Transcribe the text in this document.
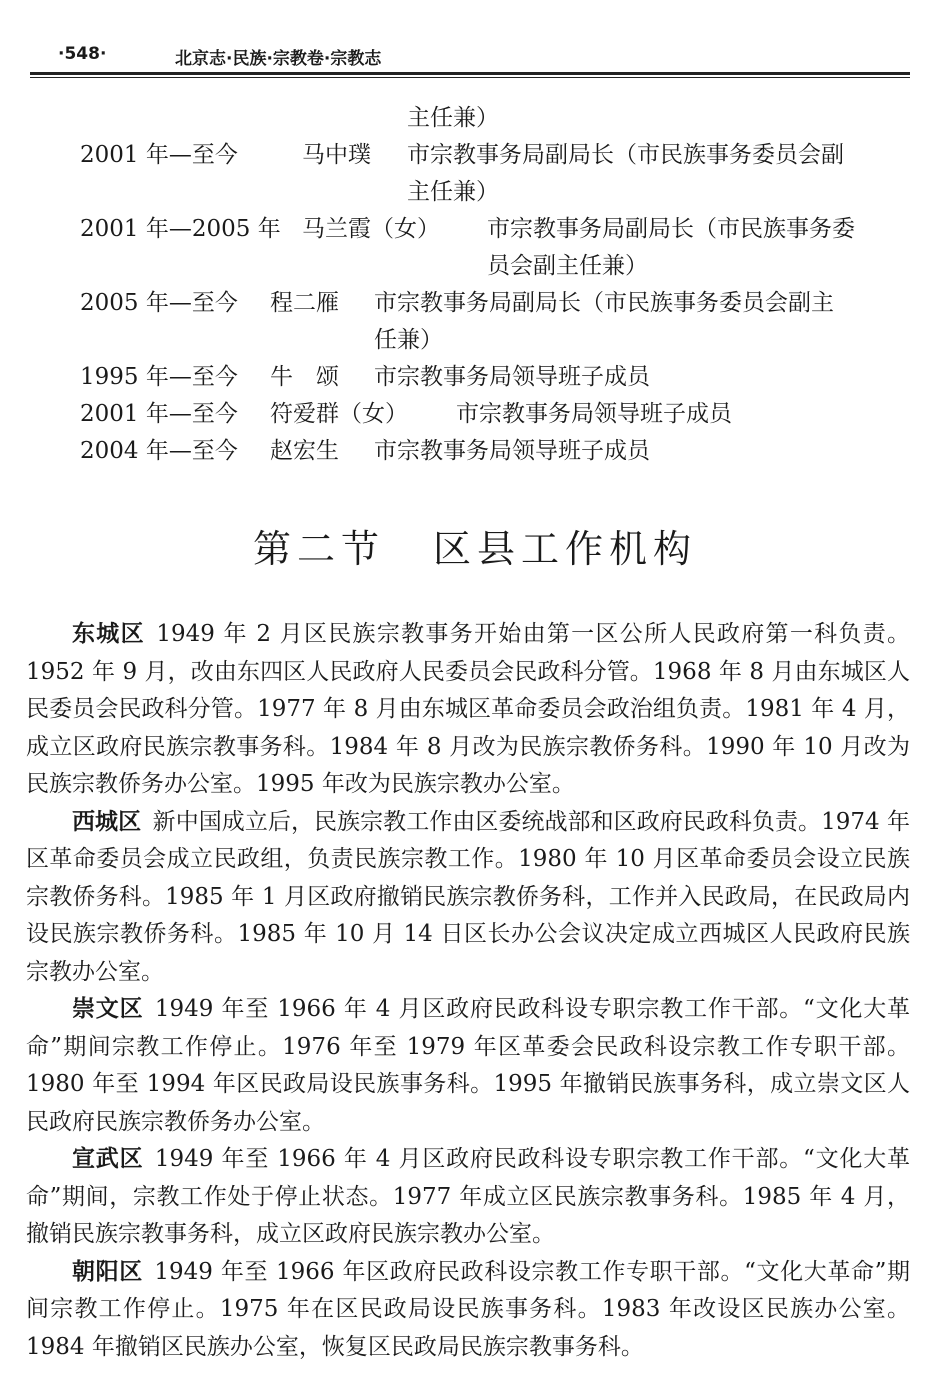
·548·	北京志·民族·宗教卷·宗教志
主任兼）
2001 年—至今	马中璞 市宗教事务局副局长（市民族事务委员会副
主任兼）
2001 年—2005 年 马兰霞（女） 市宗教事务局副局长（市民族事务委
员会副主任兼）
2005 年—至今 程二雁 市宗教事务局副局长（市民族事务委员会副主
任兼）
1995 年—至今 牛　颂 市宗教事务局领导班子成员
2001 年—至今 符爱群（女） 市宗教事务局领导班子成员
2004 年—至今 赵宏生 市宗教事务局领导班子成员
第二节 区县工作机构

东城区 1949 年 2 月区民族宗教事务开始由第一区公所人民政府第一科负责。1952 年 9 月，改由东四区人民政府人民委员会民政科分管。1968 年 8 月由东城区人民委员会民政科分管。1977 年 8 月由东城区革命委员会政治组负责。1981 年 4 月，成立区政府民族宗教事务科。1984 年 8 月改为民族宗教侨务科。1990 年 10 月改为民族宗教侨务办公室。1995 年改为民族宗教办公室。

西城区 新中国成立后，民族宗教工作由区委统战部和区政府民政科负责。1974 年区革命委员会成立民政组，负责民族宗教工作。1980 年 10 月区革命委员会设立民族宗教侨务科。1985 年 1 月区政府撤销民族宗教侨务科，工作并入民政局，在民政局内设民族宗教侨务科。1985 年 10 月 14 日区长办公会议决定成立西城区人民政府民族宗教办公室。

崇文区 1949 年至 1966 年 4 月区政府民政科设专职宗教工作干部。“文化大革命”期间宗教工作停止。1976 年至 1979 年区革委会民政科设宗教工作专职干部。1980 年至 1994 年区民政局设民族事务科。1995 年撤销民族事务科，成立崇文区人民政府民族宗教侨务办公室。

宣武区 1949 年至 1966 年 4 月区政府民政科设专职宗教工作干部。“文化大革命”期间，宗教工作处于停止状态。1977 年成立区民族宗教事务科。1985 年 4 月，撤销民族宗教事务科，成立区政府民族宗教办公室。

朝阳区 1949 年至 1966 年区政府民政科设宗教工作专职干部。“文化大革命”期间宗教工作停止。1975 年在区民政局设民族事务科。1983 年改设区民族办公室。1984 年撤销区民族办公室，恢复区民政局民族宗教事务科。
